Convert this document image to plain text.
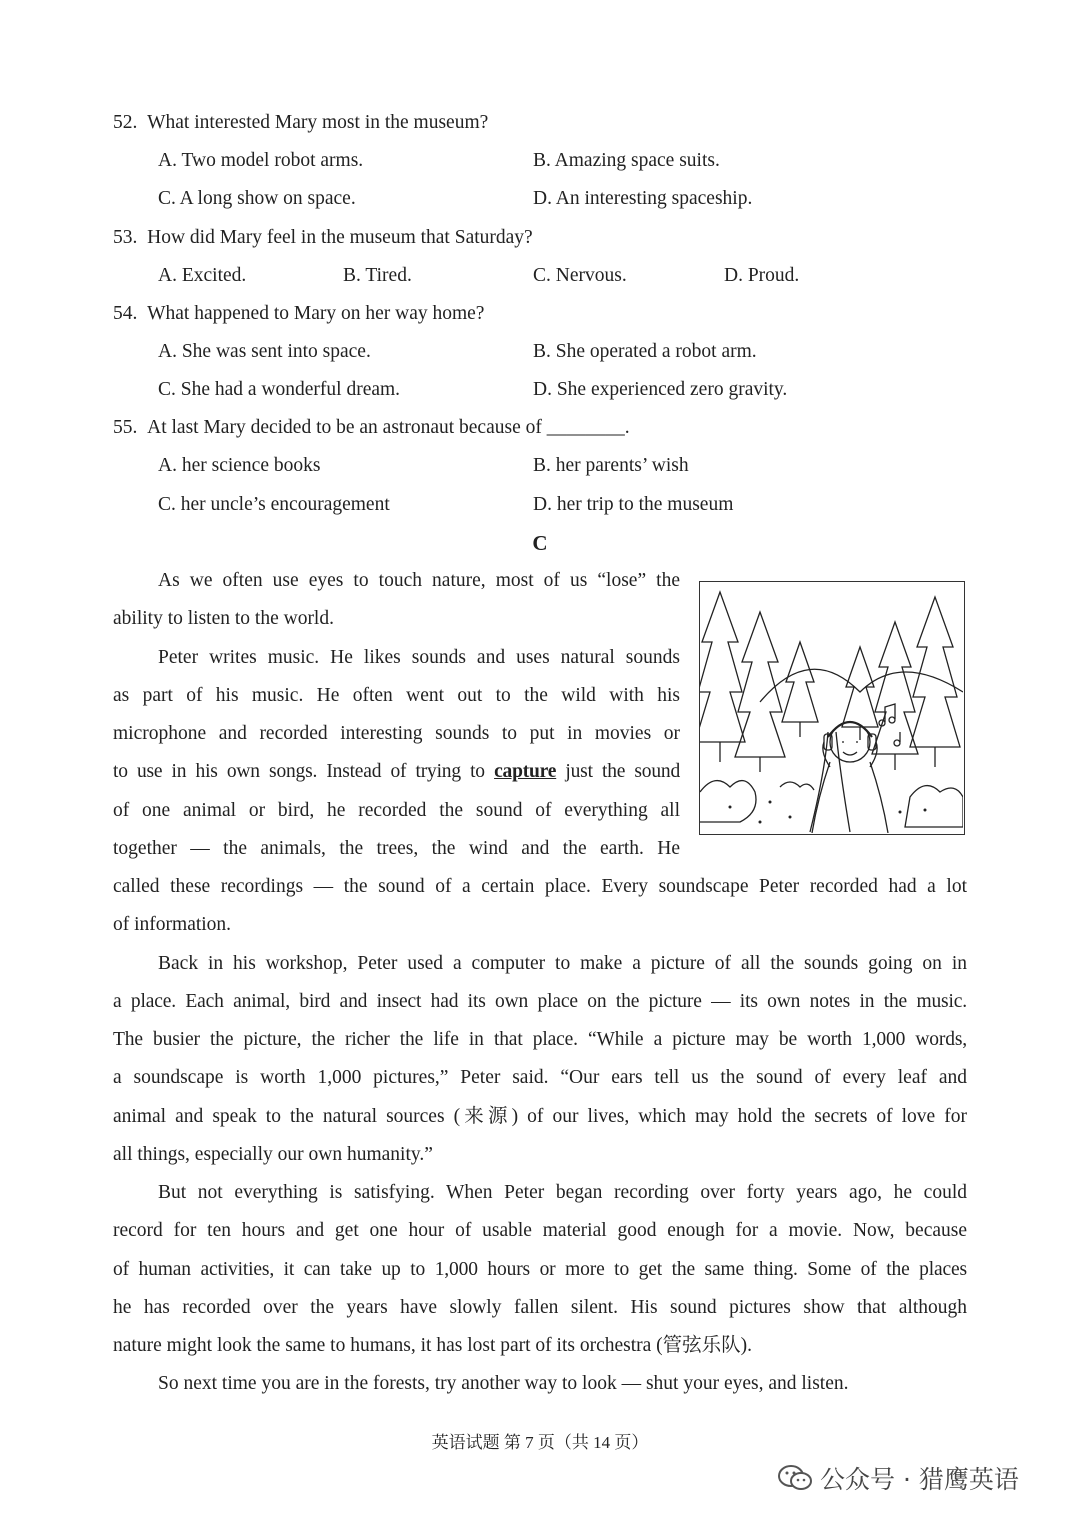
52. What interested Mary most in the museum?
A. Two model robot arms.	B. Amazing space suits.
C. A long show on space.	D. An interesting spaceship.
53. How did Mary feel in the museum that Saturday?
A. Excited.	B. Tired.	C. Nervous.	D. Proud.
54. What happened to Mary on her way home?
A. She was sent into space.	B. She operated a robot arm.
C. She had a wonderful dream.	D. She experienced zero gravity.
55. At last Mary decided to be an astronaut because of ________.
A. her science books	B. her parents’ wish
C. her uncle’s encouragement	D. her trip to the museum
C
As we often use eyes to touch nature, most of us “lose” the
ability to listen to the world.
Peter writes music. He likes sounds and uses natural sounds
as part of his music. He often went out to the wild with his
microphone and recorded interesting sounds to put in movies or
to use in his own songs. Instead of trying to capture just the sound
of one animal or bird, he recorded the sound of everything all
together — the animals, the trees, the wind and the earth. He
called these recordings — the sound of a certain place. Every soundscape Peter recorded had a lot
of information.
Back in his workshop, Peter used a computer to make a picture of all the sounds going on in
a place. Each animal, bird and insect had its own place on the picture — its own notes in the music.
The busier the picture, the richer the life in that place. “While a picture may be worth 1,000 words,
a soundscape is worth 1,000 pictures,” Peter said. “Our ears tell us the sound of every leaf and
animal and speak to the natural sources (来源) of our lives, which may hold the secrets of love for
all things, especially our own humanity.”
But not everything is satisfying. When Peter began recording over forty years ago, he could
record for ten hours and get one hour of usable material good enough for a movie. Now, because
of human activities, it can take up to 1,000 hours or more to get the same thing. Some of the places
he has recorded over the years have slowly fallen silent. His sound pictures show that although
nature might look the same to humans, it has lost part of its orchestra (管弦乐队).
So next time you are in the forests, try another way to look — shut your eyes, and listen.
英语试题 第 7 页（共 14 页）
公众号 · 猎鹰英语
